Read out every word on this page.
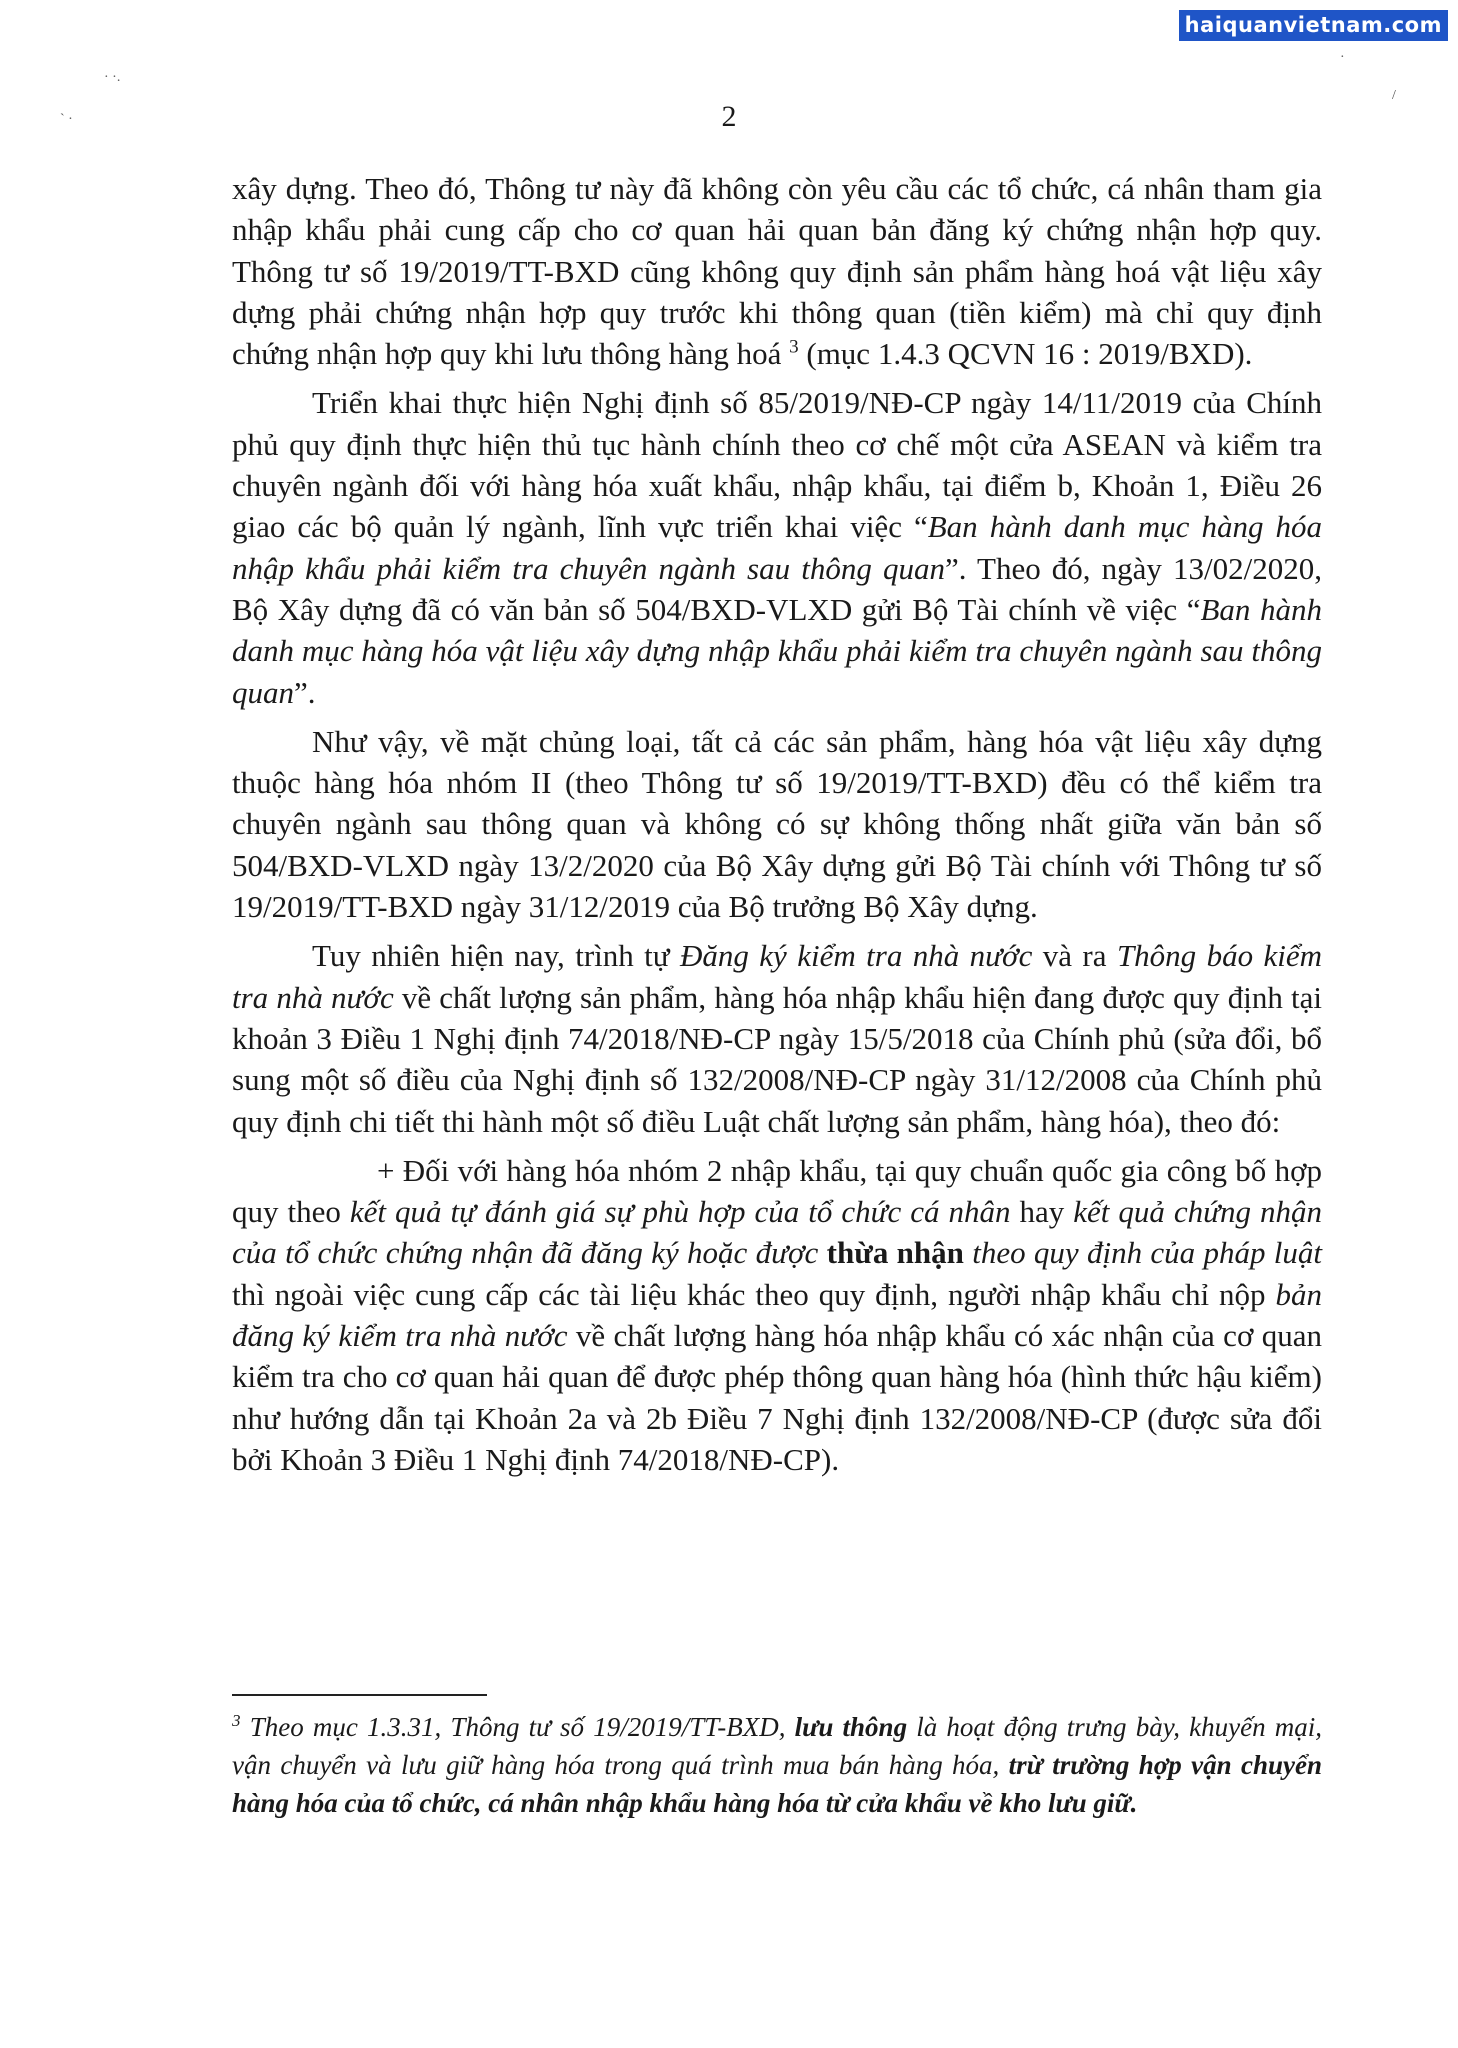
haiquanvietnam.com
· ·.
` ·
·
/
2

xây dựng. Theo đó, Thông tư này đã không còn yêu cầu các tổ chức, cá nhân tham gia nhập khẩu phải cung cấp cho cơ quan hải quan bản đăng ký chứng nhận hợp quy. Thông tư số 19/2019/TT-BXD cũng không quy định sản phẩm hàng hoá vật liệu xây dựng phải chứng nhận hợp quy trước khi thông quan (tiền kiểm) mà chỉ quy định chứng nhận hợp quy khi lưu thông hàng hoá $^3$ (mục 1.4.3 QCVN 16 : 2019/BXD).

Triển khai thực hiện Nghị định số 85/2019/NĐ-CP ngày 14/11/2019 của Chính phủ quy định thực hiện thủ tục hành chính theo cơ chế một cửa ASEAN và kiểm tra chuyên ngành đối với hàng hóa xuất khẩu, nhập khẩu, tại điểm b, Khoản 1, Điều 26 giao các bộ quản lý ngành, lĩnh vực triển khai việc “Ban hành danh mục hàng hóa nhập khẩu phải kiểm tra chuyên ngành sau thông quan”. Theo đó, ngày 13/02/2020, Bộ Xây dựng đã có văn bản số 504/BXD-VLXD gửi Bộ Tài chính về việc “Ban hành danh mục hàng hóa vật liệu xây dựng nhập khẩu phải kiểm tra chuyên ngành sau thông quan”.

Như vậy, về mặt chủng loại, tất cả các sản phẩm, hàng hóa vật liệu xây dựng thuộc hàng hóa nhóm II (theo Thông tư số 19/2019/TT-BXD) đều có thể kiểm tra chuyên ngành sau thông quan và không có sự không thống nhất giữa văn bản số 504/BXD-VLXD ngày 13/2/2020 của Bộ Xây dựng gửi Bộ Tài chính với Thông tư số 19/2019/TT-BXD ngày 31/12/2019 của Bộ trưởng Bộ Xây dựng.

Tuy nhiên hiện nay, trình tự Đăng ký kiểm tra nhà nước và ra Thông báo kiểm tra nhà nước về chất lượng sản phẩm, hàng hóa nhập khẩu hiện đang được quy định tại khoản 3 Điều 1 Nghị định 74/2018/NĐ-CP ngày 15/5/2018 của Chính phủ (sửa đổi, bổ sung một số điều của Nghị định số 132/2008/NĐ-CP ngày 31/12/2008 của Chính phủ quy định chi tiết thi hành một số điều Luật chất lượng sản phẩm, hàng hóa), theo đó:

+ Đối với hàng hóa nhóm 2 nhập khẩu, tại quy chuẩn quốc gia công bố hợp quy theo kết quả tự đánh giá sự phù hợp của tổ chức cá nhân hay kết quả chứng nhận của tổ chức chứng nhận đã đăng ký hoặc được thừa nhận theo quy định của pháp luật thì ngoài việc cung cấp các tài liệu khác theo quy định, người nhập khẩu chỉ nộp bản đăng ký kiểm tra nhà nước về chất lượng hàng hóa nhập khẩu có xác nhận của cơ quan kiểm tra cho cơ quan hải quan để được phép thông quan hàng hóa (hình thức hậu kiểm) như hướng dẫn tại Khoản 2a và 2b Điều 7 Nghị định 132/2008/NĐ-CP (được sửa đổi bởi Khoản 3 Điều 1 Nghị định 74/2018/NĐ-CP).

$^3$ Theo mục 1.3.31, Thông tư số 19/2019/TT-BXD, lưu thông là hoạt động trưng bày, khuyến mại, vận chuyển và lưu giữ hàng hóa trong quá trình mua bán hàng hóa, trừ trường hợp vận chuyển hàng hóa của tổ chức, cá nhân nhập khẩu hàng hóa từ cửa khẩu về kho lưu giữ.
